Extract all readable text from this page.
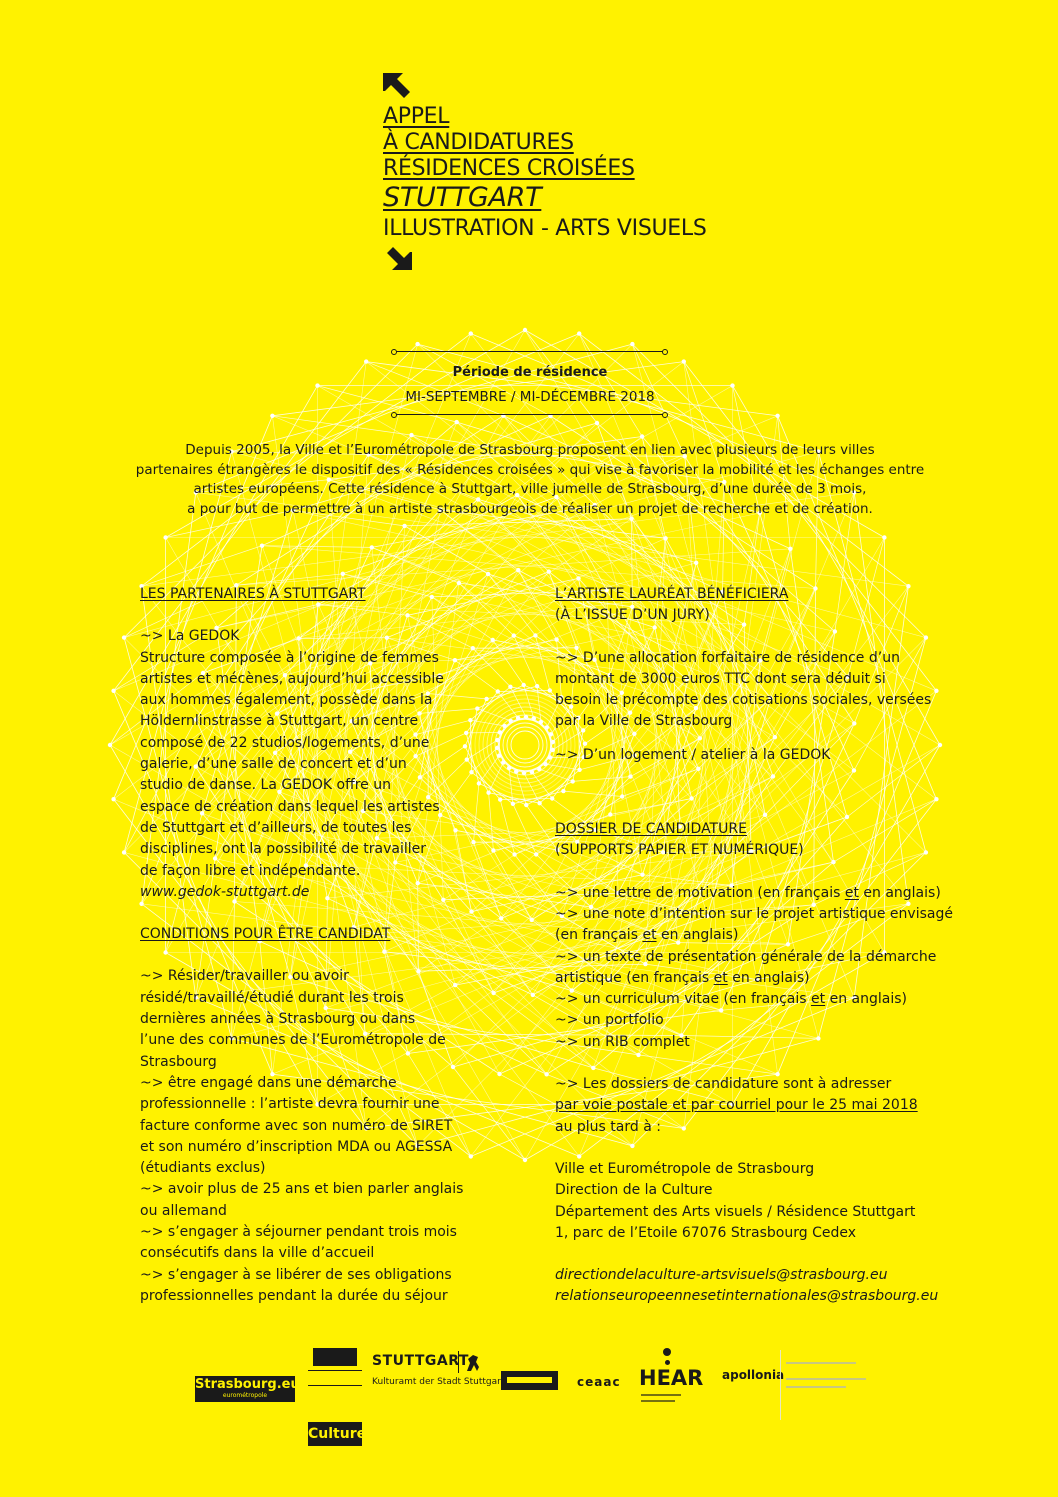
APPEL
À CANDIDATURES
RÉSIDENCES CROISÉES
STUTTGART
ILLUSTRATION - ARTS VISUELS
Période de résidence
MI-SEPTEMBRE / MI-DÉCEMBRE 2018
Depuis 2005, la Ville et l’Eurométropole de Strasbourg proposent en lien avec plusieurs de leurs villes
partenaires étrangères le dispositif des « Résidences croisées » qui vise à favoriser la mobilité et les échanges entre
artistes européens. Cette résidence à Stuttgart, ville jumelle de Strasbourg, d’une durée de 3 mois,
a pour but de permettre à un artiste strasbourgeois de réaliser un projet de recherche et de création.

LES PARTENAIRES À STUTTGART

~> La GEDOK

Structure composée à l’origine de femmes

artistes et mécènes, aujourd’hui accessible

aux hommes également, possède dans la

Höldernlinstrasse à Stuttgart, un centre

composé de 22 studios/logements, d’une

galerie, d’une salle de concert et d’un

studio de danse. La GEDOK offre un

espace de création dans lequel les artistes

de Stuttgart et d’ailleurs, de toutes les

disciplines, ont la possibilité de travailler

de façon libre et indépendante.

www.gedok-stuttgart.de

CONDITIONS POUR ÊTRE CANDIDAT

~> Résider/travailler ou avoir

résidé/travaillé/étudié durant les trois

dernières années à Strasbourg ou dans

l’une des communes de l’Eurométropole de

Strasbourg

~> être engagé dans une démarche

professionnelle : l’artiste devra fournir une

facture conforme avec son numéro de SIRET

et son numéro d’inscription MDA ou AGESSA

(étudiants exclus)

~> avoir plus de 25 ans et bien parler anglais

ou allemand

~> s’engager à séjourner pendant trois mois

consécutifs dans la ville d’accueil

~> s’engager à se libérer de ses obligations

professionnelles pendant la durée du séjour

L’ARTISTE LAURÉAT BÉNÉFICIERA

(À L’ISSUE D’UN JURY)

~> D’une allocation forfaitaire de résidence d’un

montant de 3000 euros TTC dont sera déduit si

besoin le précompte des cotisations sociales, versées

par la Ville de Strasbourg

~> D’un logement / atelier à la GEDOK

DOSSIER DE CANDIDATURE

(SUPPORTS PAPIER ET NUMÉRIQUE)

~> une lettre de motivation (en français et en anglais)

~> une note d’intention sur le projet artistique envisagé

(en français et en anglais)

~> un texte de présentation générale de la démarche

artistique (en français et en anglais)

~> un curriculum vitae (en français et en anglais)

~> un portfolio

~> un RIB complet

~> Les dossiers de candidature sont à adresser

par voie postale et par courriel pour le 25 mai 2018

au plus tard à :

Ville et Eurométropole de Strasbourg

Direction de la Culture

Département des Arts visuels / Résidence Stuttgart

1, parc de l’Etoile 67076 Strasbourg Cedex

directiondelaculture-artsvisuels@strasbourg.eu

relationseuropeennesetinternationales@strasbourg.eu

Strasbourg.eu
eurométropole
Culture
STUTTGART
Kulturamt der Stadt Stuttgart	ceaac HEAR apollonia
